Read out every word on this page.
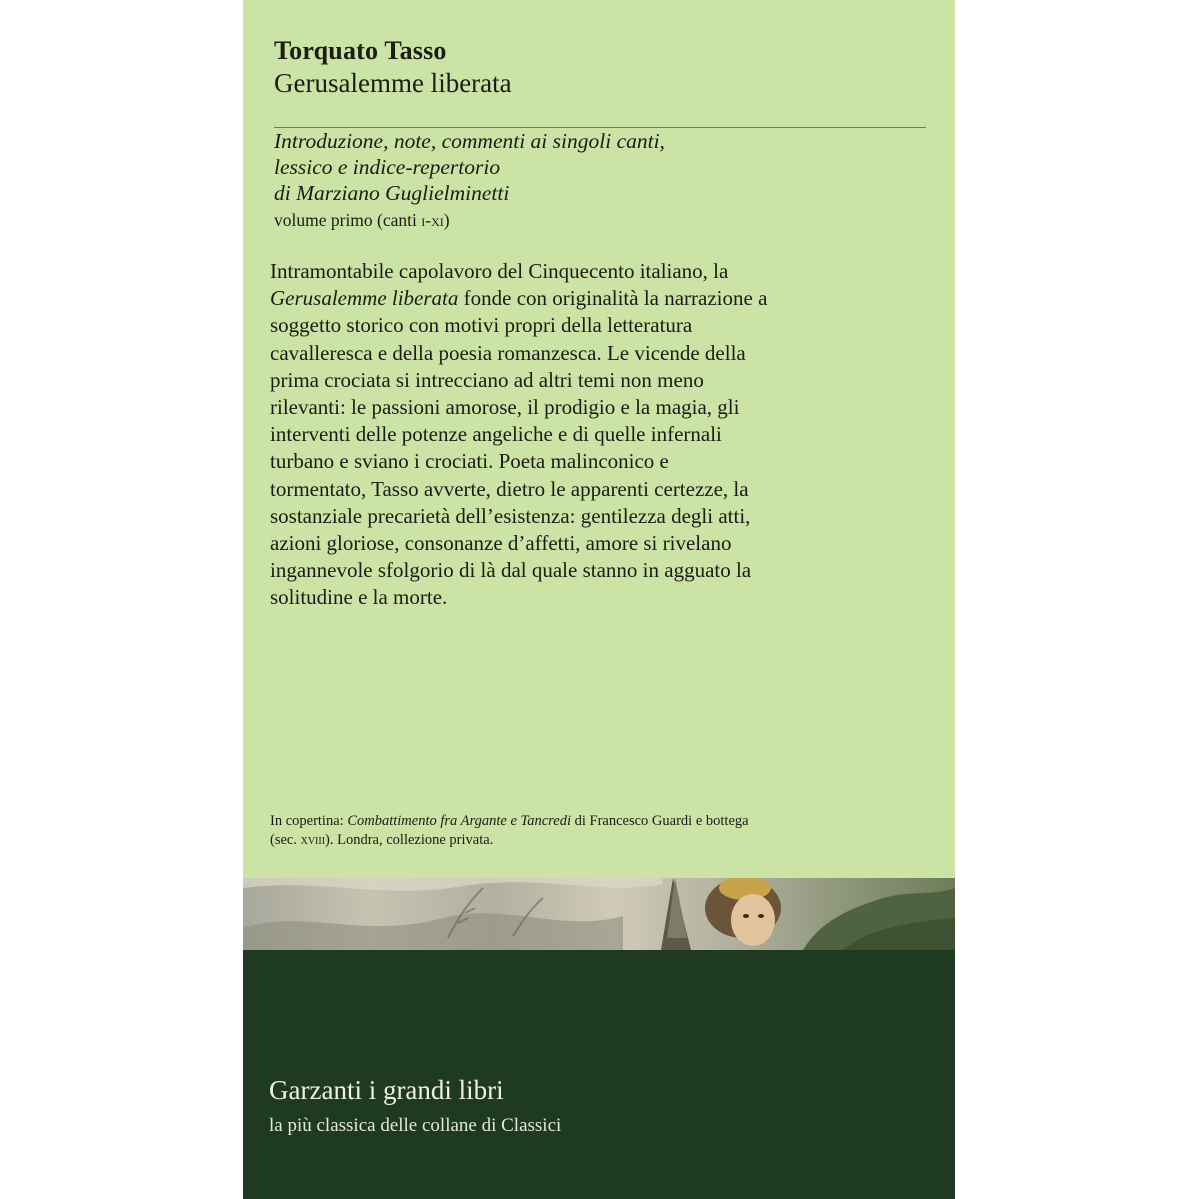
Torquato Tasso
Gerusalemme liberata
Introduzione, note, commenti ai singoli canti,
lessico e indice-repertorio
di Marziano Guglielminetti
volume primo (canti i-xi)

Intramontabile capolavoro del Cinquecento italiano, la Gerusalemme liberata fonde con originalità la narrazione a soggetto storico con motivi propri della letteratura cavalleresca e della poesia romanzesca. Le vicende della prima crociata si intrecciano ad altri temi non meno rilevanti: le passioni amorose, il prodigio e la magia, gli interventi delle potenze angeliche e di quelle infernali turbano e sviano i crociati. Poeta malinconico e tormentato, Tasso avverte, dietro le apparenti certezze, la sostanziale precarietà dell’esistenza: gentilezza degli atti, azioni gloriose, consonanze d’affetti, amore si rivelano ingannevole sfolgorio di là dal quale stanno in agguato la solitudine e la morte.

In copertina: Combattimento fra Argante e Tancredi di Francesco Guardi e bottega (sec. xviii). Londra, collezione privata.
Garzanti i grandi libri
la più classica delle collane di Classici
